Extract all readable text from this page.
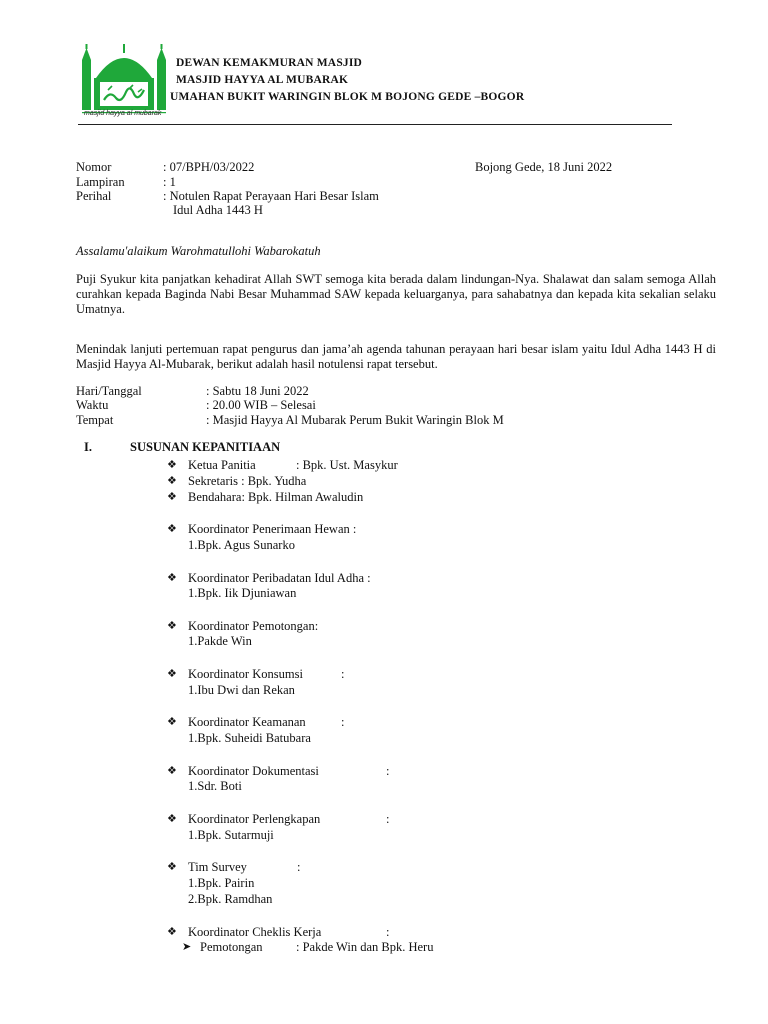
masjid hayya al mubarak
DEWAN KEMAKMURAN MASJID
MASJID HAYYA AL MUBARAK
UMAHAN BUKIT WARINGIN BLOK M BOJONG GEDE –BOGOR
Nomor	: 07/BPH/03/2022	Bojong Gede, 18 Juni 2022
Lampiran	: 1
Perihal	: Notulen Rapat Perayaan Hari Besar Islam
Idul Adha 1443 H
Assalamu'alaikum Warohmatullohi Wabarokatuh
Puji Syukur kita panjatkan kehadirat Allah SWT semoga kita berada dalam lindungan-Nya. Shalawat dan salam semoga Allah curahkan kepada Baginda Nabi Besar Muhammad SAW kepada keluarganya, para sahabatnya dan kepada kita sekalian selaku Umatnya.
Menindak lanjuti pertemuan rapat pengurus dan jama’ah agenda tahunan perayaan hari besar islam yaitu Idul Adha 1443 H di Masjid Hayya Al-Mubarak, berikut adalah hasil notulensi rapat tersebut.
Hari/Tanggal	: Sabtu 18 Juni 2022
Waktu	: 20.00 WIB – Selesai
Tempat	: Masjid Hayya Al Mubarak Perum Bukit Waringin Blok M
I.	SUSUNAN KEPANITIAAN
❖ Ketua Panitia	: Bpk. Ust. Masykur
❖ Sekretaris : Bpk. Yudha
❖ Bendahara: Bpk. Hilman Awaludin
❖ Koordinator Penerimaan Hewan :
1.Bpk. Agus Sunarko
❖ Koordinator Peribadatan Idul Adha :
1.Bpk. Iik Djuniawan
❖ Koordinator Pemotongan:
1.Pakde Win
❖ Koordinator Konsumsi	:
1.Ibu Dwi dan Rekan
❖ Koordinator Keamanan	:
1.Bpk. Suheidi Batubara
❖ Koordinator Dokumentasi	:
1.Sdr. Boti
❖ Koordinator Perlengkapan	:
1.Bpk. Sutarmuji
❖ Tim Survey	:
1.Bpk. Pairin
2.Bpk. Ramdhan
❖ Koordinator Cheklis Kerja	:
➤ Pemotongan	: Pakde Win dan Bpk. Heru
